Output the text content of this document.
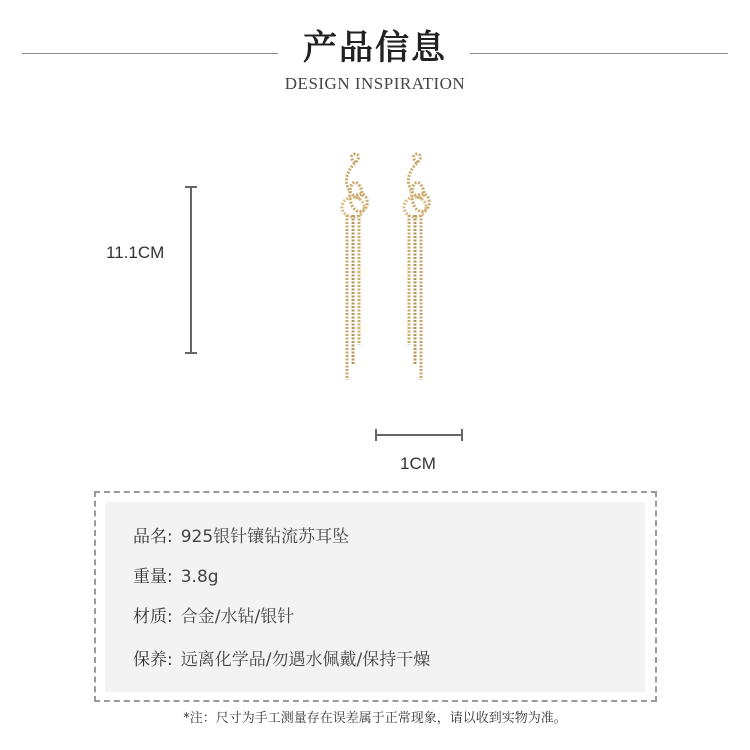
产品信息
DESIGN INSPIRATION
11.1CM
1CM
品名: 925银针镶钻流苏耳坠
重量: 3.8g
材质: 合金/水钻/银针
保养: 远离化学品/勿遇水佩戴/保持干燥
*注：尺寸为手工测量存在误差属于正常现象，请以收到实物为准。
